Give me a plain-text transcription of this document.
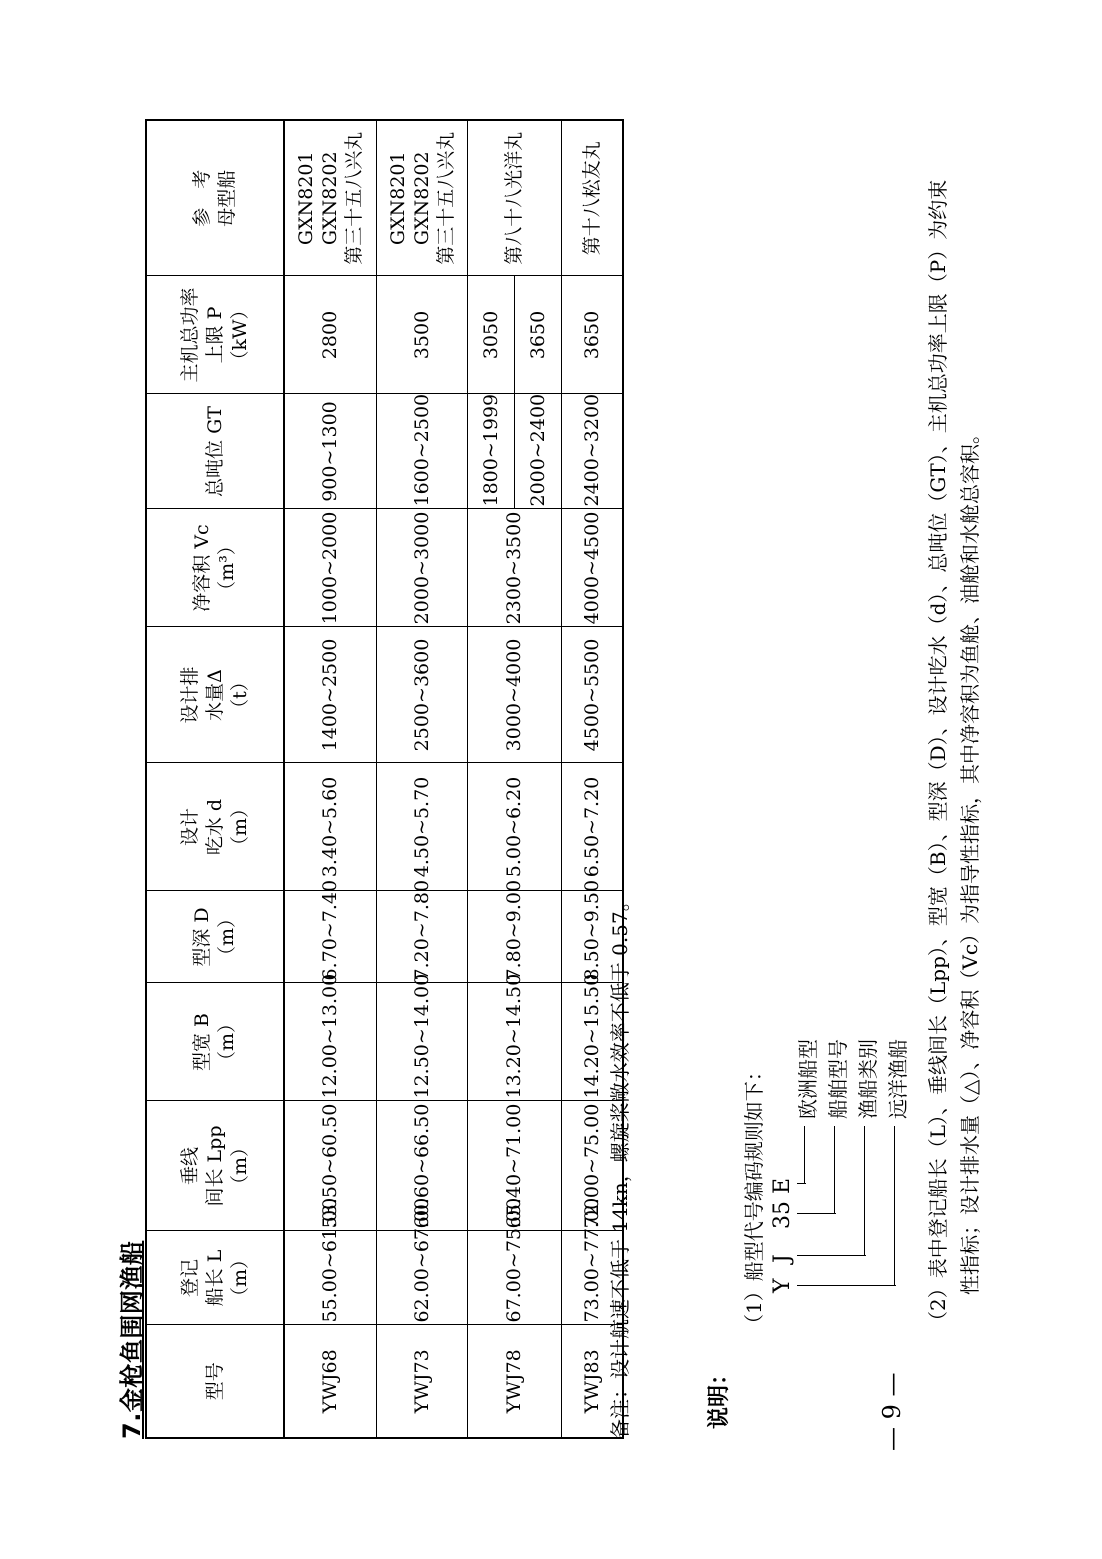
7.金枪鱼围网渔船	型号	登记 船长 L （m）	垂线 间长 Lpp （m）	型宽 B （m）	型深 D （m）	设计 吃水 d （m）	设计排 水量Δ （t）	净容积 Vc （m³）	总吨位 GT	主机总功率 上限 P （kW）	参　考 母型船

YWJ68	55.00~61.00	53.50~60.50	12.00~13.00	6.70~7.40	3.40~5.60	1400~2500	1000~2000	900~1300	2800	GXN8201 GXN8202 第三十五八兴丸

YWJ73	62.00~67.00	60.60~66.50	12.50~14.00	7.20~7.80	4.50~5.70	2500~3600	2000~3000	1600~2500	3500	GXN8201 GXN8202 第三十五八兴丸

YWJ78	67.00~75.00	65.40~71.00	13.20~14.50	7.80~9.00	5.00~6.20	3000~4000	2300~3500	1800~1999	3050	第八十八光洋丸
								2000~2400	3650	
YWJ83	73.00~77.00	72.00~75.00	14.20~15.50	8.50~9.50	6.50~7.20	4500~5500	4000~4500	2400~3200	3650	第十八松友丸
备注：设计航速不低于 14kn，螺旋桨敞水效率不低于 0.57。	说明：
（1）船型代号编码规则如下： Y
J
35 E
欧洲船型 船舶型号 渔船类别 远洋渔船 （2）表中登记船长（L）、垂线间长（Lpp）、型宽（B）、型深（D）、设计吃水（d）、总吨位（GT）、主机总功率上限（P）为约束 性指标；设计排水量（△）、净容积（Vc）为指导性指标，其中净容积为鱼舱、油舱和水舱总容积。
— 9 —
